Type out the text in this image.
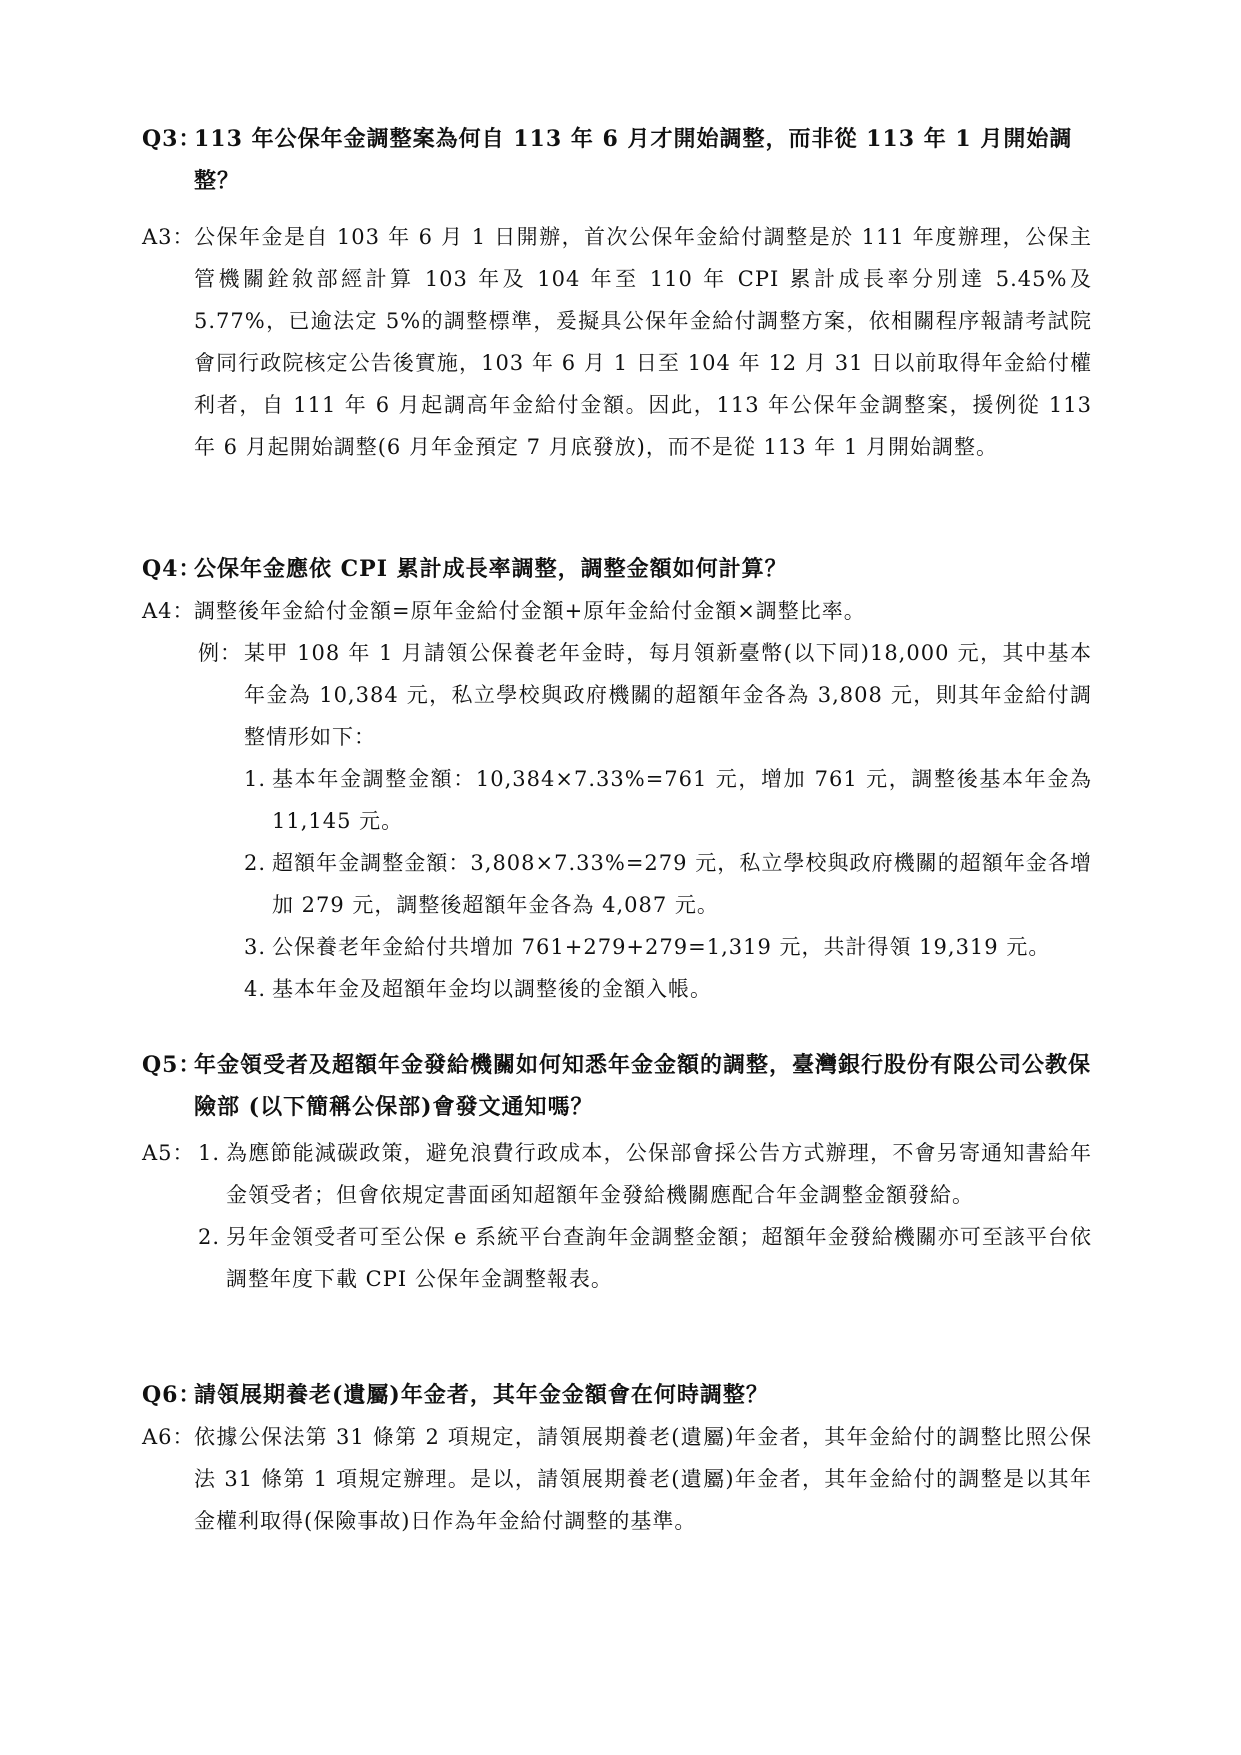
Q3：
113 年公保年金調整案為何自 113 年 6 月才開始調整，而非從 113 年 1 月開始調整？
A3： 公保年金是自 103 年 6 月 1 日開辦，首次公保年金給付調整是於 111 年度辦理，公保主管機關銓敘部經計算 103 年及 104 年至 110 年 CPI 累計成長率分別達 5.45%及 5.77%，已逾法定 5%的調整標準，爰擬具公保年金給付調整方案，依相關程序報請考試院會同行政院核定公告後實施，103 年 6 月 1 日至 104 年 12 月 31 日以前取得年金給付權利者，自 111 年 6 月起調高年金給付金額。因此，113 年公保年金調整案，援例從 113 年 6 月起開始調整(6 月年金預定 7 月底發放)，而不是從 113 年 1 月開始調整。
Q4：
公保年金應依 CPI 累計成長率調整，調整金額如何計算？
A4： 調整後年金給付金額=原年金給付金額+原年金給付金額×調整比率。
例： 某甲 108 年 1 月請領公保養老年金時，每月領新臺幣(以下同)18,000 元，其中基本年金為 10,384 元，私立學校與政府機關的超額年金各為 3,808 元，則其年金給付調整情形如下：
1. 基本年金調整金額：10,384×7.33%=761 元，增加 761 元，調整後基本年金為 11,145 元。
2. 超額年金調整金額：3,808×7.33%=279 元，私立學校與政府機關的超額年金各增加 279 元，調整後超額年金各為 4,087 元。
3. 公保養老年金給付共增加 761+279+279=1,319 元，共計得領 19,319 元。
4. 基本年金及超額年金均以調整後的金額入帳。
Q5：
年金領受者及超額年金發給機關如何知悉年金金額的調整，臺灣銀行股份有限公司公教保險部 (以下簡稱公保部)會發文通知嗎？
A5： 1. 為應節能減碳政策，避免浪費行政成本，公保部會採公告方式辦理，不會另寄通知書給年金領受者；但會依規定書面函知超額年金發給機關應配合年金調整金額發給。
2. 另年金領受者可至公保 e 系統平台查詢年金調整金額；超額年金發給機關亦可至該平台依調整年度下載 CPI 公保年金調整報表。
Q6：
請領展期養老(遺屬)年金者，其年金金額會在何時調整？
A6： 依據公保法第 31 條第 2 項規定，請領展期養老(遺屬)年金者，其年金給付的調整比照公保法 31 條第 1 項規定辦理。是以，請領展期養老(遺屬)年金者，其年金給付的調整是以其年金權利取得(保險事故)日作為年金給付調整的基準。
